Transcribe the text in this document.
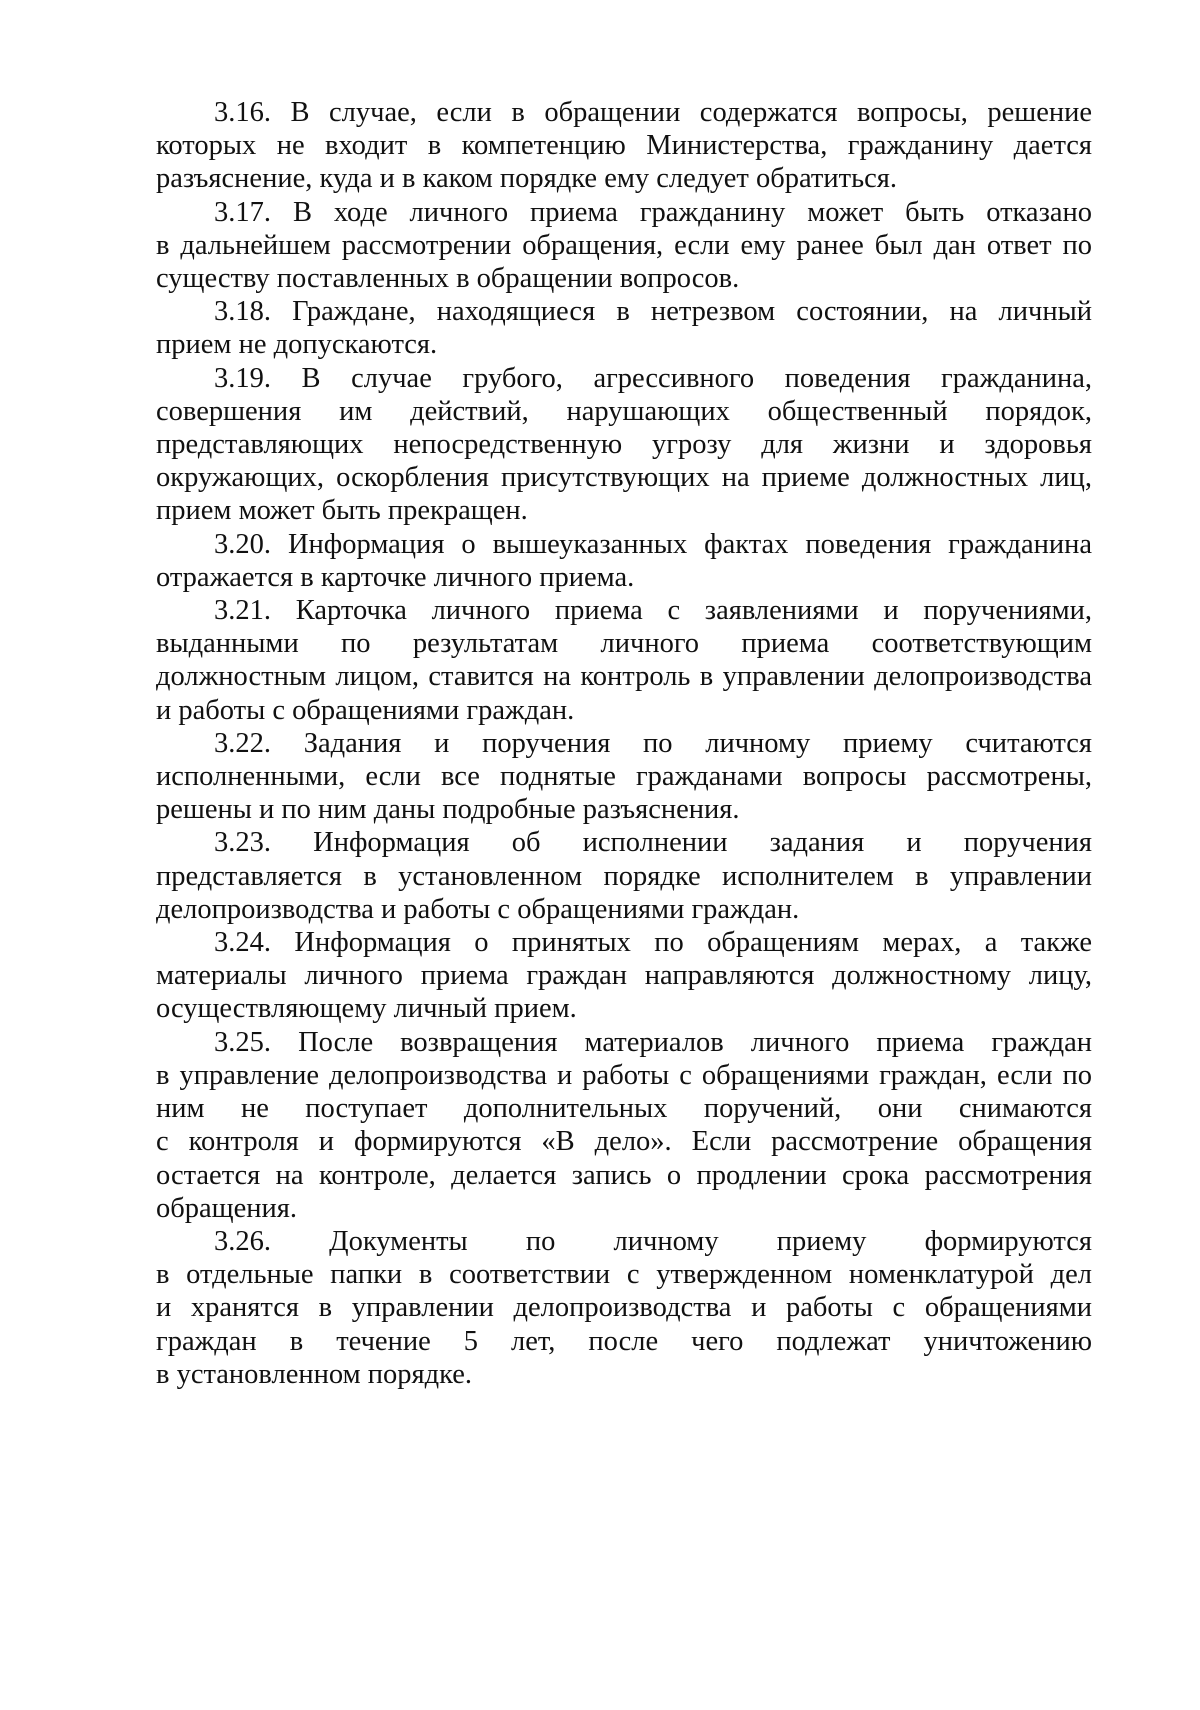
3.16. В случае, если в обращении содержатся вопросы, решение
которых не входит в компетенцию Министерства, гражданину дается
разъяснение, куда и в каком порядке ему следует обратиться.
3.17. В ходе личного приема гражданину может быть отказано
в дальнейшем рассмотрении обращения, если ему ранее был дан ответ по
существу поставленных в обращении вопросов.
3.18. Граждане, находящиеся в нетрезвом состоянии, на личный
прием не допускаются.
3.19. В случае грубого, агрессивного поведения гражданина,
совершения им действий, нарушающих общественный порядок,
представляющих непосредственную угрозу для жизни и здоровья
окружающих, оскорбления присутствующих на приеме должностных лиц,
прием может быть прекращен.
3.20. Информация о вышеуказанных фактах поведения гражданина
отражается в карточке личного приема.
3.21. Карточка личного приема с заявлениями и поручениями,
выданными по результатам личного приема соответствующим
должностным лицом, ставится на контроль в управлении делопроизводства
и работы с обращениями граждан.
3.22. Задания и поручения по личному приему считаются
исполненными, если все поднятые гражданами вопросы рассмотрены,
решены и по ним даны подробные разъяснения.
3.23. Информация об исполнении задания и поручения
представляется в установленном порядке исполнителем в управлении
делопроизводства и работы с обращениями граждан.
3.24. Информация о принятых по обращениям мерах, а также
материалы личного приема граждан направляются должностному лицу,
осуществляющему личный прием.
3.25. После возвращения материалов личного приема граждан
в управление делопроизводства и работы с обращениями граждан, если по
ним не поступает дополнительных поручений, они снимаются
с контроля и формируются «В дело». Если рассмотрение обращения
остается на контроле, делается запись о продлении срока рассмотрения
обращения.
3.26. Документы по личному приему формируются
в отдельные папки в соответствии с утвержденном номенклатурой дел
и хранятся в управлении делопроизводства и работы с обращениями
граждан в течение 5 лет, после чего подлежат уничтожению
в установленном порядке.
